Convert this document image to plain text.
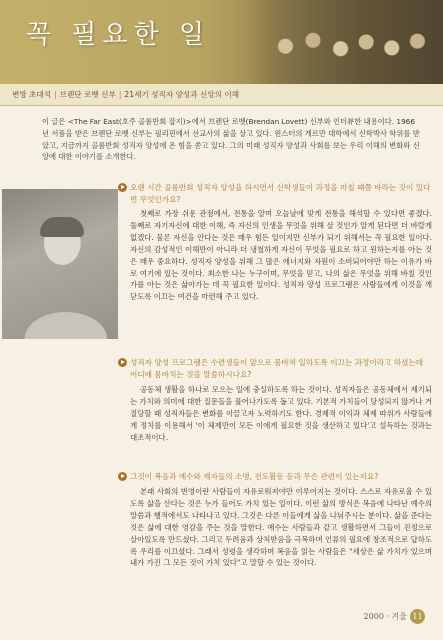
꼭 필요한 일
변방 초대석 | 브렌단 로벳 신부 | 21세기 성직자 양성과 신앙의 이해

이 글은 <The Far East(호주 골롬반회 잡지)>에서 브렌단 로벳(Brendan Lovett) 신부와 인터뷰한 내용이다. 1966년 서품을 받은 브렌단 로벳 신부는 필리핀에서 선교사의 삶을 살고 있다. 윈스터의 게르만 대학에서 신학박사 학위를 받았고, 지금까지 골롬반회 성직자 양성에 온 힘을 쏟고 있다. 그의 미래 성직자 양성과 사회를 보는 우리 이해의 변화와 신앙에 대한 이야기를 소개한다.

오랜 시간 골롬반회 성직자 양성을 하시면서 신학생들이 과정을 마칠 때쯤 바라는 것이 있다면 무엇인가요?

첫째로 가장 쉬운 관점에서, 전통을 알며 오늘날에 맞게 전통을 해석할 수 있다면 좋겠다. 둘째로 자기자신에 대한 이해, 즉 자신의 인생을 무엇을 위해 살 것인가 알게 된다면 더 바랄게 없겠다. 물론 자신을 안다는 것은 매우 힘든 일이지만 신부가 되기 위해서는 꼭 필요한 일이다. 자신의 감성적인 이해만이 아니라 더 냉철하게 자신이 무엇을 필요로 하고 원하는지를 아는 것은 매우 중요하다. 성직자 양성을 위해 그 많은 에너지와 자원이 소비되어야만 하는 이유가 바로 여기에 있는 것이다. 최소한 나는 누구이며, 무엇을 믿고, 나의 삶은 무엇을 위해 바칠 것인가를 아는 것은 삶아가는 데 꼭 필요한 일이다. 성직자 양성 프로그램은 사람들에게 이것을 깨닫도록 이끄는 여건을 마련해 주고 있다.

성직자 양성 프로그램은 수련생들이 앞으로 몸바쳐 일하도록 이끄는 과정이라고 하셨는데 어디에 몸바치는 것을 말씀하시나요?

공동체 생활을 하나로 모으는 일에 충실하도록 하는 것이다. 성직자들은 공동체에서 제기되는 가치와 의미에 대한 질문들을 풀어나가도록 돕고 있다. 기본적 가치들이 당성되지 않거나 거절당할 때 성직자들은 변화를 이끌고자 노력하기도 한다. 경제적 이익과 체제 따위가 사람들에게 정치를 이용해서 '이 체제만이 모든 이에게 필요한 것을 생산하고 있다'고 설득하는 것과는 대조적이다.

그것이 복음과 예수와 제자들의 소명, 전도활동 등과 무슨 관련이 있는지요?

본래 사회의 번영이란 사람들이 자유로워져야만 이루어지는 것이다. 스스로 자유로울 수 있도록 삶을 산다는 것은 누가 들어도 가치 있는 일이다. 이런 삶의 방식은 복음에 나타난 예수의 말씀과 행적에서도 나타나고 있다. 그것은 다른 이들에게 삶을 나눠주시는 분이다. 삶을 준다는 것은 삶에 대한 영감을 주는 것을 말한다. 예수는 사람들과 같고 생활하면서 그들이 진정으로 살아있도록 만드셨다. 그리고 두려움과 상처받음을 극복하며 인류의 필요에 창조적으로 답하도록 우리를 이끄셨다. 그래서 성령을 생각하며 복음을 읽는 사람들은 "세상은 삶 가치가 있으며 내가 가진 그 모든 것이 가치 있다"고 말할 수 있는 것이다.

2000 · 겨울 11
